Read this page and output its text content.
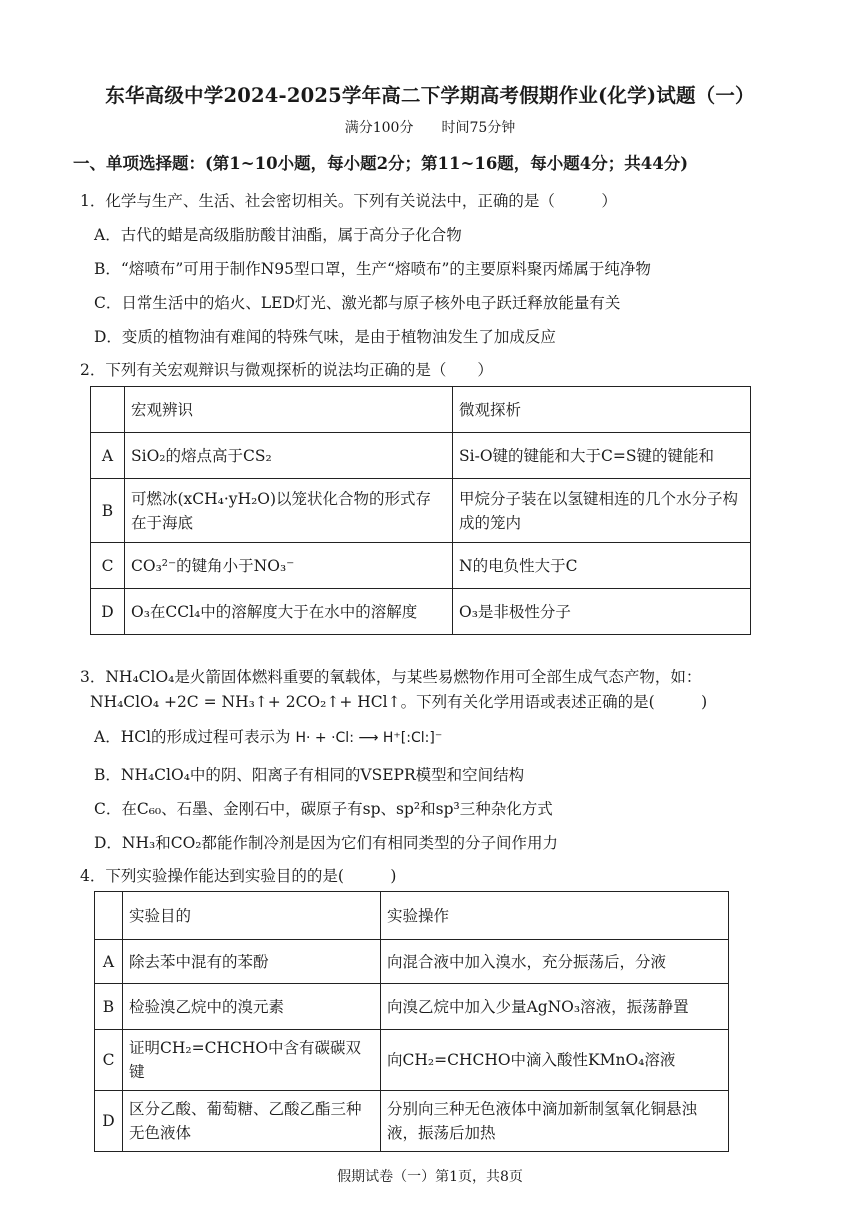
东华高级中学2024-2025学年高二下学期高考假期作业(化学)试题（一）
满分100分　　时间75分钟
一、单项选择题：(第1~10小题，每小题2分；第11~16题，每小题4分；共44分)
1．化学与生产、生活、社会密切相关。下列有关说法中，正确的是（　　　）
A．古代的蜡是高级脂肪酸甘油酯，属于高分子化合物
B．“熔喷布”可用于制作N95型口罩，生产“熔喷布”的主要原料聚丙烯属于纯净物
C．日常生活中的焰火、LED灯光、激光都与原子核外电子跃迁释放能量有关
D．变质的植物油有难闻的特殊气味，是由于植物油发生了加成反应
2．下列有关宏观辩识与微观探析的说法均正确的是（　　）
	宏观辨识	微观探析
A	SiO₂的熔点高于CS₂	Si-O键的键能和大于C=S键的键能和
B	可燃冰(xCH₄·yH₂O)以笼状化合物的形式存在于海底	甲烷分子装在以氢键相连的几个水分子构成的笼内
C	CO₃²⁻的键角小于NO₃⁻	N的电负性大于C
D	O₃在CCl₄中的溶解度大于在水中的溶解度	O₃是非极性分子
3．NH₄ClO₄是火箭固体燃料重要的氧载体，与某些易燃物作用可全部生成气态产物，如：
NH₄ClO₄ +2C = NH₃↑+ 2CO₂↑+ HCl↑。下列有关化学用语或表述正确的是(　　　)
A．HCl的形成过程可表示为 H· + ·Cl: ⟶ H⁺[:Cl:]⁻
B．NH₄ClO₄中的阴、阳离子有相同的VSEPR模型和空间结构
C．在C₆₀、石墨、金刚石中，碳原子有sp、sp²和sp³三种杂化方式
D．NH₃和CO₂都能作制冷剂是因为它们有相同类型的分子间作用力
4．下列实验操作能达到实验目的的是(　　　)
	实验目的	实验操作
A	除去苯中混有的苯酚	向混合液中加入溴水，充分振荡后，分液
B	检验溴乙烷中的溴元素	向溴乙烷中加入少量AgNO₃溶液，振荡静置
C	证明CH₂=CHCHO中含有碳碳双键	向CH₂=CHCHO中滴入酸性KMnO₄溶液
D	区分乙酸、葡萄糖、乙酸乙酯三种无色液体	分别向三种无色液体中滴加新制氢氧化铜悬浊液，振荡后加热
假期试卷（一）第1页，共8页
